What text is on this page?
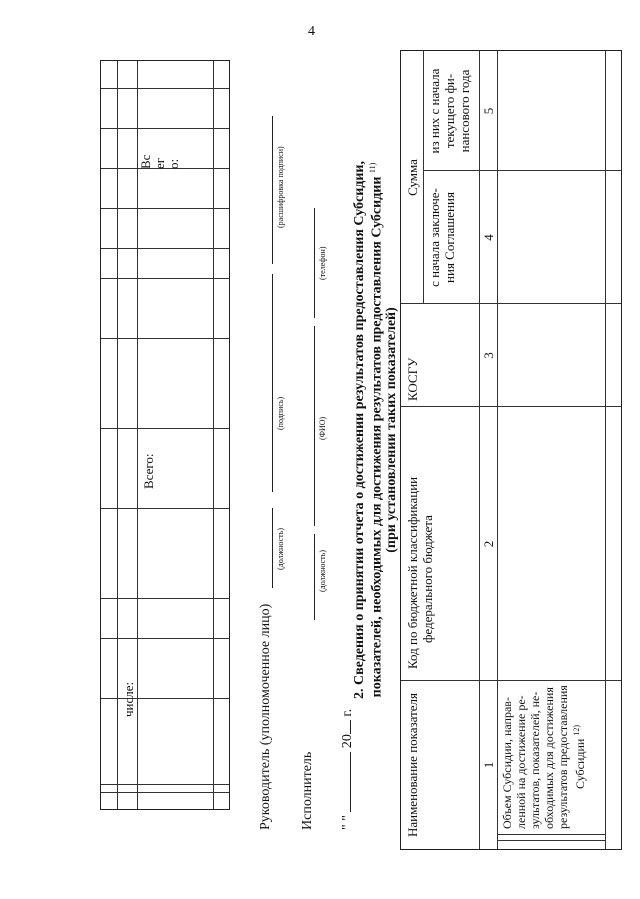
4
числе:
Всего:
Вс ег о:
Руководитель (уполномоченное лицо)
(должность)
(подпись)
(расшифровка подписи)
Исполнитель
(должность)
(ФИО)
(телефон)
" "  20 г.
2. Сведения о принятии отчета о достижении результатов предоставления Субсидии, показателей, необходимых для достижения результатов предоставления Субсидии $^{11)}$
(при установлении таких показателей)
Наименование показателя
Код по бюджетной классификации федерального бюджета
КОСГУ
Сумма
с начала заключе- ния Соглашения
из них с начала текущего фи- нансового года
1
2
3
4
5
Объем Субсидии, направ- ленной на достижение ре- зультатов, показателей, не- обходимых для достижения результатов предоставления Субсидии $^{12)}$
